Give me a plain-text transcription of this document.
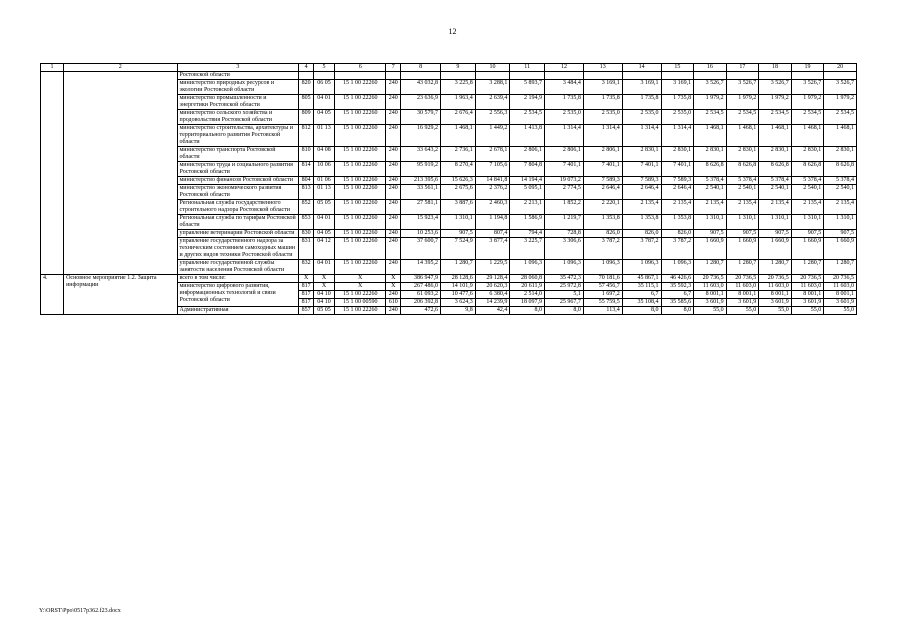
12
1	2	3	4	5	6	7	8	9	10	11	12	13	14	15	16	17	18	19	20
		Ростовской области																	
		министерство природных ресурсов и экологии Ростовской области	820	06 05	15 1 00 22260	240	43 032,8	3 225,8	3 288,1	5 893,7	3 484,4	3 169,1	3 169,1	3 169,1	3 526,7	3 526,7	3 526,7	3 526,7	3 526,7
		министерство промышленности и энергетики Ростовской области	805	04 01	15 1 00 22260	240	23 636,9	1 963,4	2 639,4	2 194,9	1 735,8	1 735,8	1 735,8	1 735,8	1 979,2	1 979,2	1 979,2	1 979,2	1 979,2
		министерство сельского хозяйства и продовольствия Ростовской области	809	04 05	15 1 00 22260	240	30 579,7	2 676,4	2 556,3	2 534,5	2 535,0	2 535,0	2 535,0	2 535,0	2 534,5	2 534,5	2 534,5	2 534,5	2 534,5
		министерство строительства, архитектуры и территориального развития Ростовской области	812	01 13	15 1 00 22260	240	16 929,2	1 468,1	1 449,2	1 413,8	1 314,4	1 314,4	1 314,4	1 314,4	1 468,1	1 468,1	1 468,1	1 468,1	1 468,1
		министерство транспорта Ростовской области	810	04 08	15 1 00 22260	240	33 643,2	2 736,1	2 678,1	2 806,1	2 806,1	2 806,1	2 830,1	2 830,1	2 830,1	2 830,1	2 830,1	2 830,1	2 830,1
		министерство труда и социального развития Ростовской области	814	10 06	15 1 00 22260	240	95 919,2	8 270,4	7 105,6	7 804,8	7 401,1	7 401,1	7 401,1	7 401,1	8 626,8	8 626,8	8 626,8	8 626,8	8 626,8
		министерство финансов Ростовской области	804	01 06	15 1 00 22260	240	213 395,6	15 626,3	14 841,8	14 194,4	19 073,2	7 589,3	7 589,3	7 589,3	5 378,4	5 378,4	5 378,4	5 378,4	5 378,4
		министерство экономического развития Ростовской области	813	01 13	15 1 00 22260	240	33 561,1	2 675,6	2 376,2	5 095,1	2 774,5	2 646,4	2 646,4	2 646,4	2 540,1	2 540,1	2 540,1	2 540,1	2 540,1
		Региональная служба государственного строительного надзора Ростовской области	852	05 05	15 1 00 22260	240	27 581,1	3 887,6	2 460,3	2 213,1	1 852,2	2 220,1	2 135,4	2 135,4	2 135,4	2 135,4	2 135,4	2 135,4	2 135,4
		Региональная служба по тарифам Ростовской области	853	04 01	15 1 00 22260	240	15 923,4	1 310,1	1 194,8	1 586,9	1 219,7	1 353,8	1 353,8	1 353,8	1 310,1	1 310,1	1 310,1	1 310,1	1 310,1
		управление ветеринарии Ростовской области	830	04 05	15 1 00 22260	240	10 253,6	907,5	807,4	794,4	728,8	826,0	826,0	826,0	907,5	907,5	907,5	907,5	907,5
		управление государственного надзора за техническим состоянием самоходных машин и других видов техники Ростовской области	831	04 12	15 1 00 22260	240	37 600,7	7 524,9	3 877,4	3 225,7	3 306,6	3 787,2	3 787,2	3 787,2	1 660,9	1 660,9	1 660,9	1 660,9	1 660,9
		управление государственной службы занятости населения Ростовской области	832	04 01	15 1 00 22260	240	14 395,2	1 280,7	1 229,5	1 096,3	1 096,3	1 096,3	1 096,3	1 096,3	1 280,7	1 280,7	1 280,7	1 280,7	1 280,7
4.	Основное мероприятие 1.2. Защита информации	всего в том числе:	X	X	X	X	386 947,9	28 128,6	29 128,4	28 060,8	35 472,3	70 181,6	45 867,1	46 426,6	20 736,5	20 736,5	20 736,5	20 736,5	20 736,5
		министерство цифрового развития, информационных технологий и связи Ростовской области	817	X	X	X	267 486,0	14 101,9	20 620,3	20 611,9	25 972,8	57 456,7	35 115,1	35 592,3	11 603,0	11 603,0	11 603,0	11 603,0	11 603,0
			817	04 10	15 1 00 22260	240	61 093,2	10 477,6	6 380,4	2 514,0	5,1	1 697,2	6,7	6,7	8 001,1	8 001,1	8 001,1	8 001,1	8 001,1
			817	04 10	15 1 00 00590	610	206 392,8	3 624,3	14 239,9	18 097,9	25 967,7	55 759,5	35 108,4	35 585,6	3 601,9	3 601,9	3 601,9	3 601,9	3 601,9
		Административная	857	05 05	15 1 00 22260	240	472,6	9,8	42,4	8,0	8,0	113,4	8,0	8,0	55,0	55,0	55,0	55,0	55,0
Y:\ORST\Ppo\0517p362.f23.docx
